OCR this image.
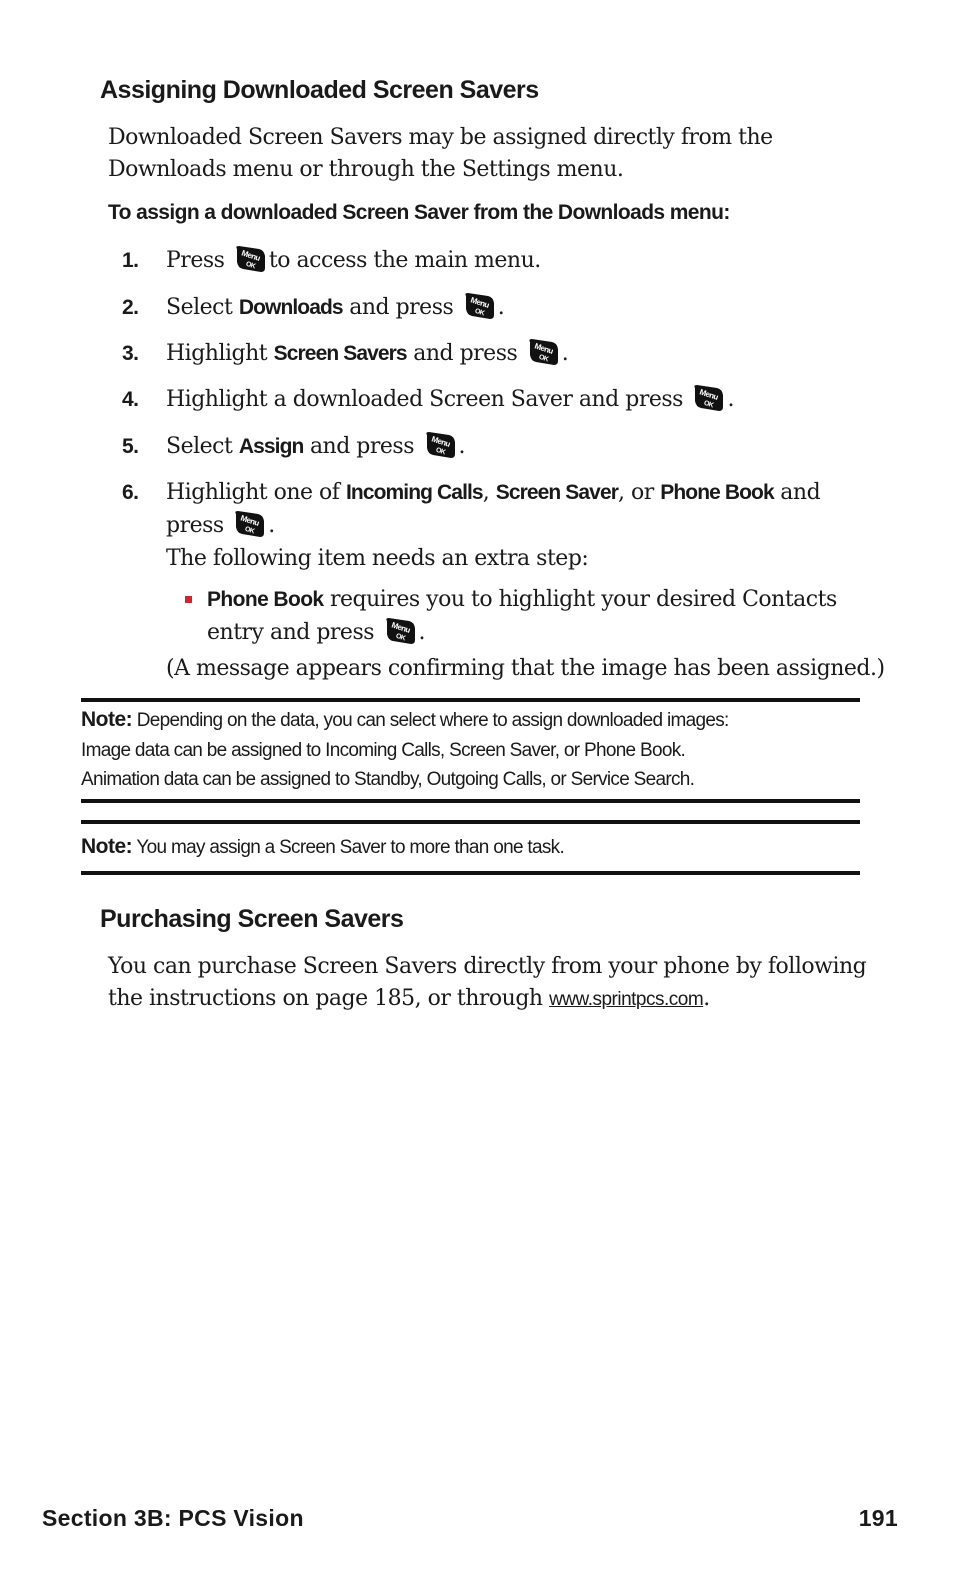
Assigning Downloaded Screen Savers

Downloaded Screen Savers may be assigned directly from the Downloads menu or through the Settings menu.

To assign a downloaded Screen Saver from the Downloads menu:

1. Press Menu
OK to access the main menu.
2. Select Downloads and press Menu
OK .
3. Highlight Screen Savers and press Menu
OK .
4. Highlight a downloaded Screen Saver and press Menu
OK .
5. Select Assign and press Menu
OK .
6. Highlight one of Incoming Calls, Screen Saver, or Phone Book and press Menu
OK .
The following item needs an extra step:
Phone Book requires you to highlight your desired Contacts entry and press Menu
OK .

(A message appears confirming that the image has been assigned.)

Note: Depending on the data, you can select where to assign downloaded images:
Image data can be assigned to Incoming Calls, Screen Saver, or Phone Book.
Animation data can be assigned to Standby, Outgoing Calls, or Service Search.
Note: You may assign a Screen Saver to more than one task.
Purchasing Screen Savers

You can purchase Screen Savers directly from your phone by following the instructions on page 185, or through www.sprintpcs.com.

Section 3B: PCS Vision	191
